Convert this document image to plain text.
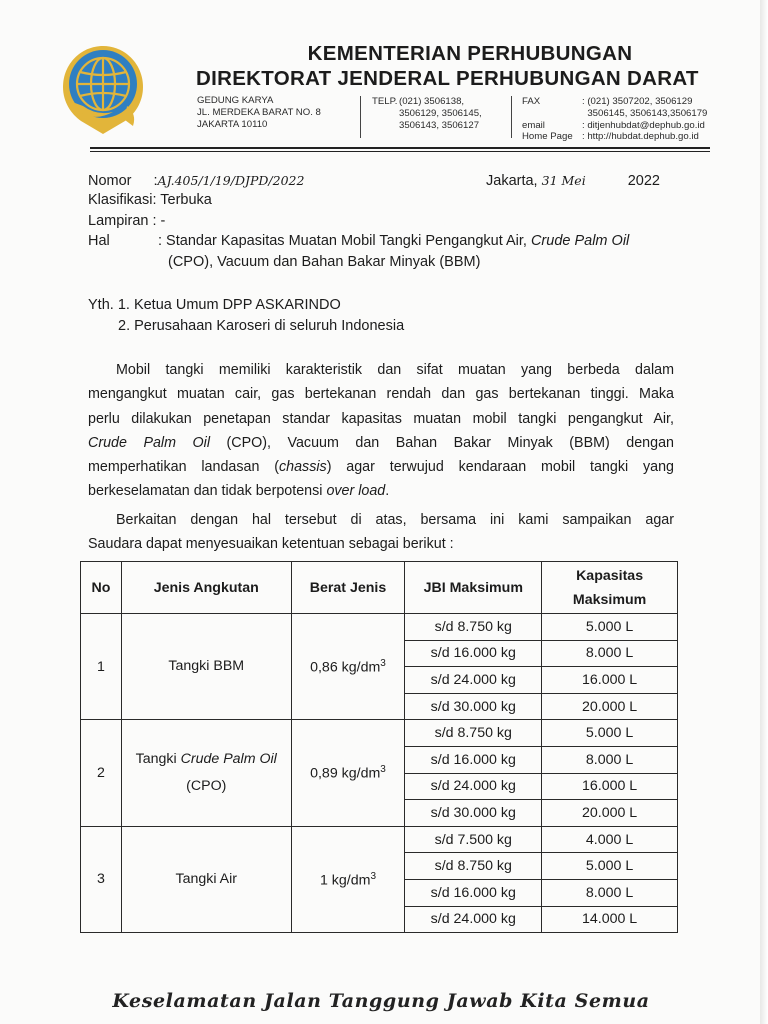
KEMENTERIAN PERHUBUNGAN
DIREKTORAT JENDERAL PERHUBUNGAN DARAT
GEDUNG KARYA
JL. MERDEKA BARAT NO. 8
JAKARTA 10110
TELP. (021) 3506138,
3506129, 3506145,
3506143, 3506127
FAX	: (021) 3507202, 3506129
3506145, 3506143,3506179
email	: ditjenhubdat@dephub.go.id
Home Page : http://hubdat.dephub.go.id
Nomor :AJ.405/1/19/DJPD/2022	Jakarta, 31 Mei	2022
Klasifikasi: Terbuka
Lampiran : -
Hal	: Standar Kapasitas Muatan Mobil Tangki Pengangkut Air, Crude Palm Oil
(CPO), Vacuum dan Bahan Bakar Minyak (BBM)
Yth. 1. Ketua Umum DPP ASKARINDO
2. Perusahaan Karoseri di seluruh Indonesia
Mobil tangki memiliki karakteristik dan sifat muatan yang berbeda dalam
mengangkut muatan cair, gas bertekanan rendah dan gas bertekanan tinggi. Maka
perlu dilakukan penetapan standar kapasitas muatan mobil tangki pengangkut Air,
Crude Palm Oil (CPO), Vacuum dan Bahan Bakar Minyak (BBM) dengan
memperhatikan landasan (chassis) agar terwujud kendaraan mobil tangki yang
berkeselamatan dan tidak berpotensi over load.
Berkaitan dengan hal tersebut di atas, bersama ini kami sampaikan agar
Saudara dapat menyesuaikan ketentuan sebagai berikut :
No	Jenis Angkutan	Berat Jenis	JBI Maksimum	Kapasitas
Maksimum
1	Tangki BBM	0,86 $kg/dm^3$	s/d 8.750 kg	5.000 L
			s/d 16.000 kg	8.000 L
			s/d 24.000 kg	16.000 L
			s/d 30.000 kg	20.000 L
2	Tangki Crude Palm Oil
(CPO)	0,89 $kg/dm^3$	s/d 8.750 kg	5.000 L
			s/d 16.000 kg	8.000 L
			s/d 24.000 kg	16.000 L
			s/d 30.000 kg	20.000 L
3	Tangki Air	1 $kg/dm^3$	s/d 7.500 kg	4.000 L
			s/d 8.750 kg	5.000 L
			s/d 16.000 kg	8.000 L
			s/d 24.000 kg	14.000 L
Keselamatan Jalan Tanggung Jawab Kita Semua
